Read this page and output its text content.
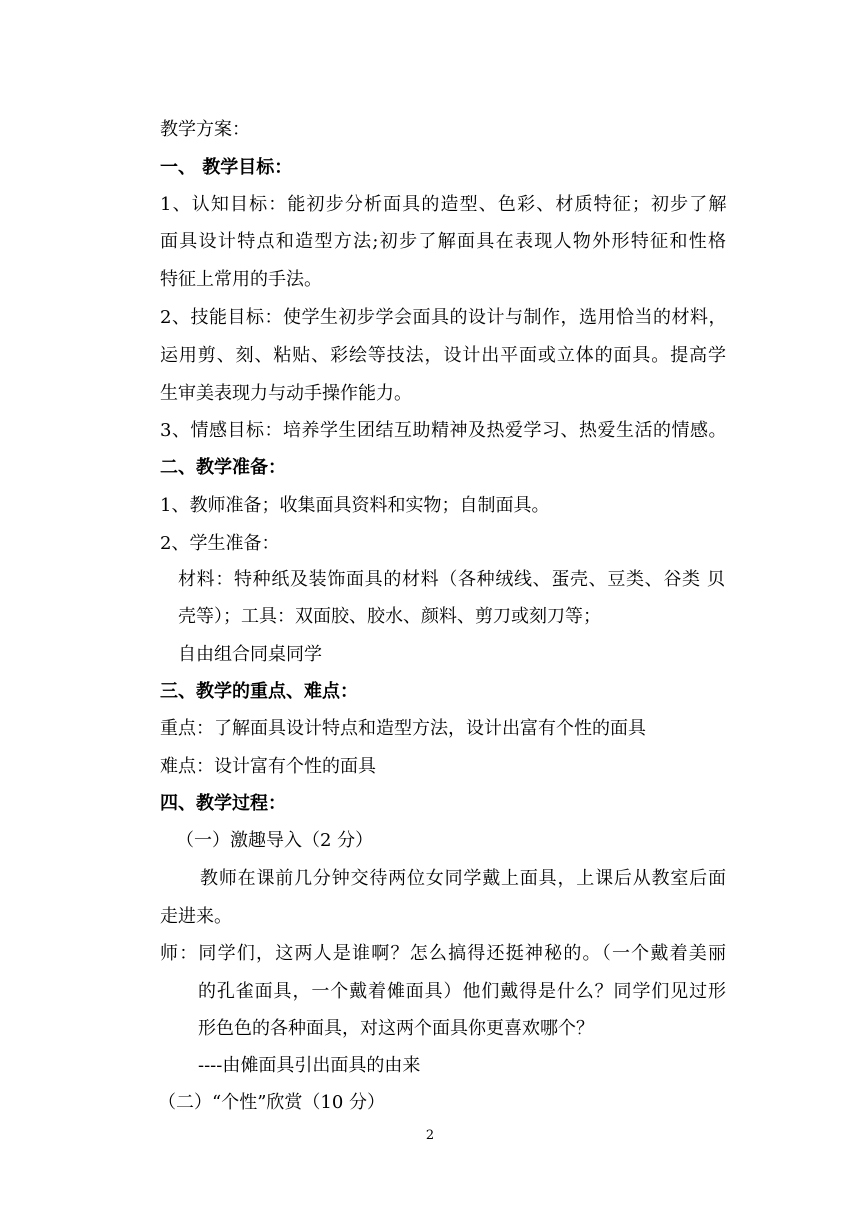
教学方案：
一、 教学目标：
1、认知目标：能初步分析面具的造型、色彩、材质特征；初步了解
面具设计特点和造型方法;初步了解面具在表现人物外形特征和性格
特征上常用的手法。
2、技能目标：使学生初步学会面具的设计与制作，选用恰当的材料，
运用剪、刻、粘贴、彩绘等技法，设计出平面或立体的面具。提高学
生审美表现力与动手操作能力。
3、情感目标：培养学生团结互助精神及热爱学习、热爱生活的情感。
二、教学准备：
1、教师准备；收集面具资料和实物；自制面具。
2、学生准备：
材料：特种纸及装饰面具的材料（各种绒线、蛋壳、豆类、谷类 贝
壳等）；工具：双面胶、胶水、颜料、剪刀或刻刀等；
自由组合同桌同学
三、教学的重点、难点：
重点：了解面具设计特点和造型方法，设计出富有个性的面具
难点：设计富有个性的面具
四、教学过程：
（一）激趣导入（2 分）
教师在课前几分钟交待两位女同学戴上面具，上课后从教室后面
走进来。
师：同学们，这两人是谁啊？怎么搞得还挺神秘的。（一个戴着美丽
的孔雀面具，一个戴着傩面具）他们戴得是什么？同学们见过形
形色色的各种面具，对这两个面具你更喜欢哪个？
----由傩面具引出面具的由来
（二）“个性”欣赏（10 分）
2
